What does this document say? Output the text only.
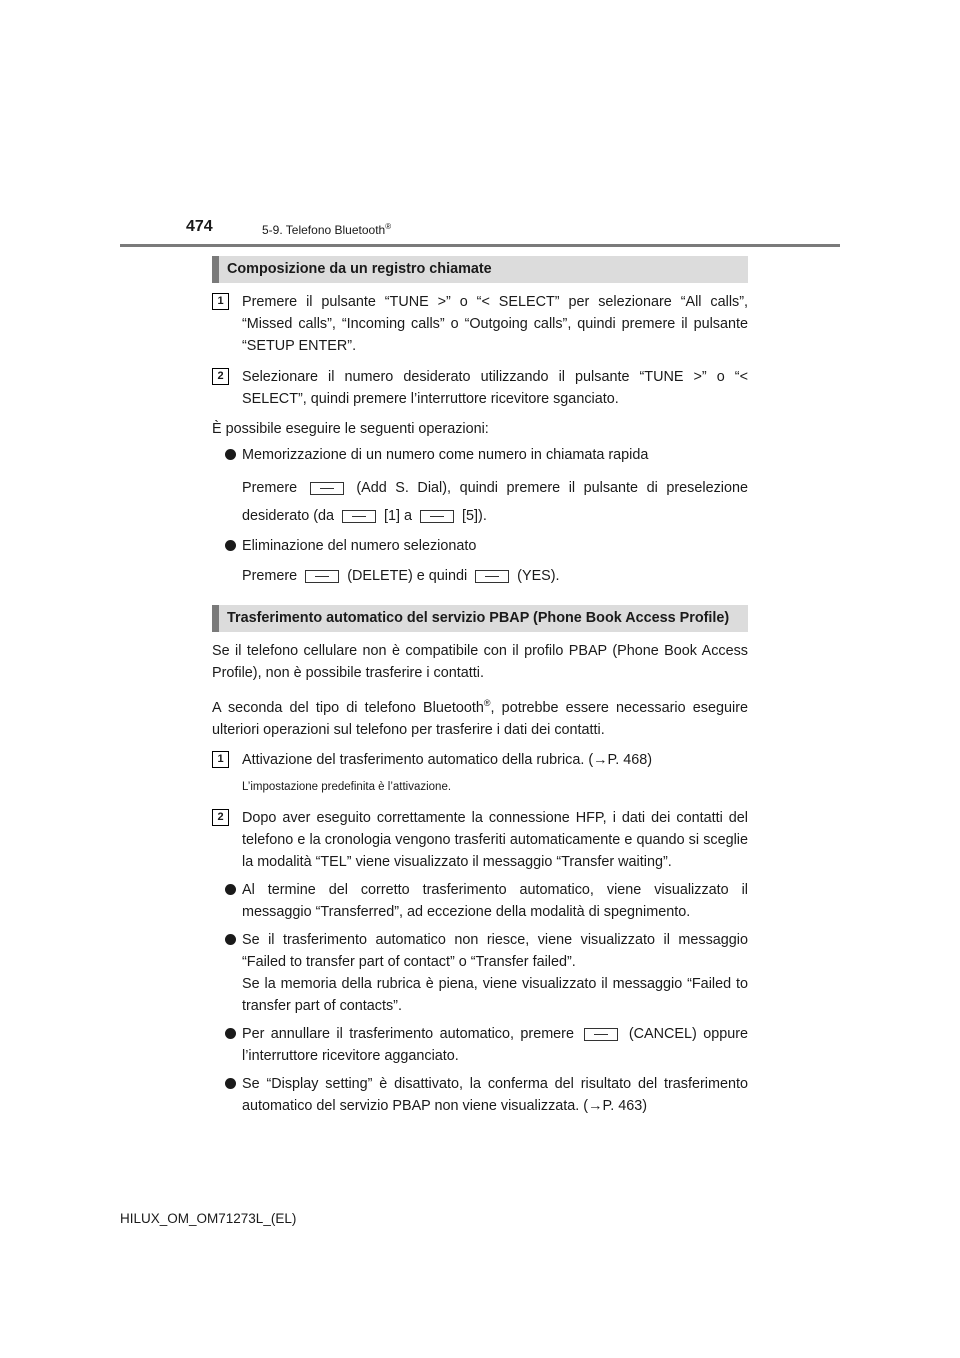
474	5-9. Telefono Bluetooth®
Composizione da un registro chiamate
1	Premere il pulsante “TUNE >” o “< SELECT” per selezionare “All calls”, “Missed calls”, “Incoming calls” o “Outgoing calls”, quindi premere il pulsante “SETUP ENTER”.
2	Selezionare il numero desiderato utilizzando il pulsante “TUNE >” o “< SELECT”, quindi premere l’interruttore ricevitore sganciato.
È possibile eseguire le seguenti operazioni:
Memorizzazione di un numero come numero in chiamata rapida
Premere	(Add S. Dial), quindi premere il pulsante di preselezione desiderato (da	[1] a	[5]).
Eliminazione del numero selezionato
Premere	(DELETE) e quindi	(YES).
Trasferimento automatico del servizio PBAP (Phone Book Access Profile)
Se il telefono cellulare non è compatibile con il profilo PBAP (Phone Book Access Profile), non è possibile trasferire i contatti.
A seconda del tipo di telefono Bluetooth®, potrebbe essere necessario eseguire ulteriori operazioni sul telefono per trasferire i dati dei contatti.
1	Attivazione del trasferimento automatico della rubrica. (→P. 468)
L’impostazione predefinita è l’attivazione.
2	Dopo aver eseguito correttamente la connessione HFP, i dati dei contatti del telefono e la cronologia vengono trasferiti automaticamente e quando si sceglie la modalità “TEL” viene visualizzato il messaggio “Transfer waiting”.
Al termine del corretto trasferimento automatico, viene visualizzato il messaggio “Transferred”, ad eccezione della modalità di spegnimento.
Se il trasferimento automatico non riesce, viene visualizzato il messaggio “Failed to transfer part of contact” o “Transfer failed”.
Se la memoria della rubrica è piena, viene visualizzato il messaggio “Failed to transfer part of contacts”.
Per annullare il trasferimento automatico, premere	(CANCEL) oppure l’interruttore ricevitore agganciato.
Se “Display setting” è disattivato, la conferma del risultato del trasferimento automatico del servizio PBAP non viene visualizzata. (→P. 463)
HILUX_OM_OM71273L_(EL)
